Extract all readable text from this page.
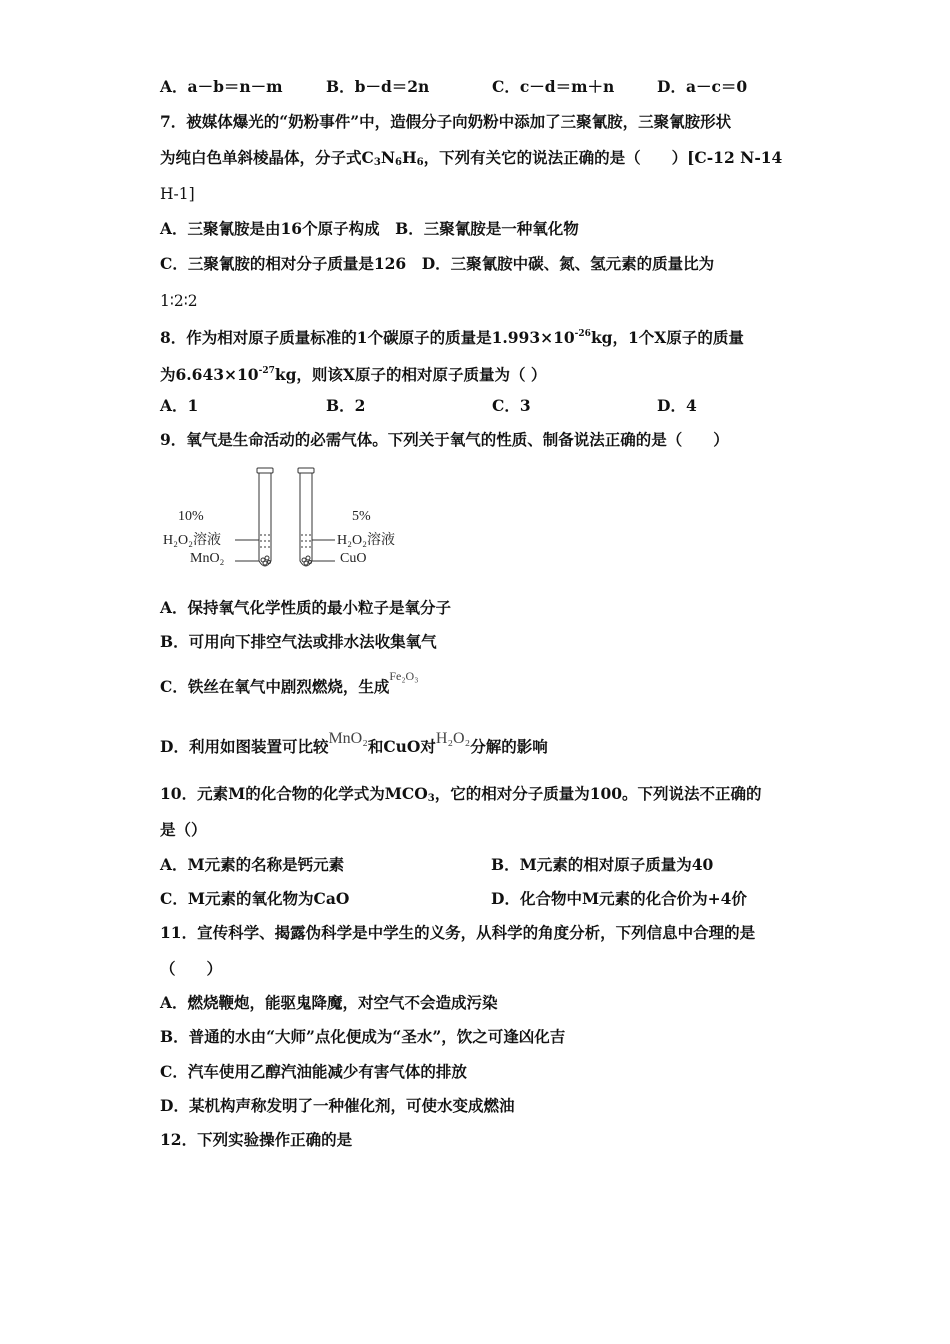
A．a－b＝n－m	B．b－d＝2n	C．c－d＝m＋n	D．a－c＝0
7．被媒体爆光的“奶粉事件”中，造假分子向奶粉中添加了三聚氰胺，三聚氰胺形状
为纯白色单斜棱晶体，分子式$C_3N_6H_6$，下列有关它的说法正确的是（　　）[C-12 N-14
H-1]
A．三聚氰胺是由16个原子构成　B．三聚氰胺是一种氧化物
C．三聚氰胺的相对分子质量是126　D．三聚氰胺中碳、氮、氢元素的质量比为
1∶2∶2
8．作为相对原子质量标准的1个碳原子的质量是$1.993\times 10^{-26}kg$，1个X原子的质量
为$6.643\times 10^{-27}kg$，则该X原子的相对原子质量为（ ）
A．1	B．2	C．3	D．4
9．氧气是生命活动的必需气体。下列关于氧气的性质、制备说法正确的是（　　）
10%
H₂O₂溶液
MnO₂
5%
H₂O₂溶液
CuO
A．保持氧气化学性质的最小粒子是氧分子
B．可用向下排空气法或排水法收集氧气
C．铁丝在氧气中剧烈燃烧，生成Fe₂O₃
D．利用如图装置可比较MnO₂和CuO对H₂O₂分解的影响
10．元素M的化合物的化学式为$MCO_3$，它的相对分子质量为100。下列说法不正确的
是（）
A．M元素的名称是钙元素	B．M元素的相对原子质量为40
C．M元素的氧化物为CaO	D．化合物中M元素的化合价为+4价
11．宣传科学、揭露伪科学是中学生的义务，从科学的角度分析，下列信息中合理的是
（　　）
A．燃烧鞭炮，能驱鬼降魔，对空气不会造成污染
B．普通的水由“大师”点化便成为“圣水”，饮之可逢凶化吉
C．汽车使用乙醇汽油能减少有害气体的排放
D．某机构声称发明了一种催化剂，可使水变成燃油
12．下列实验操作正确的是
